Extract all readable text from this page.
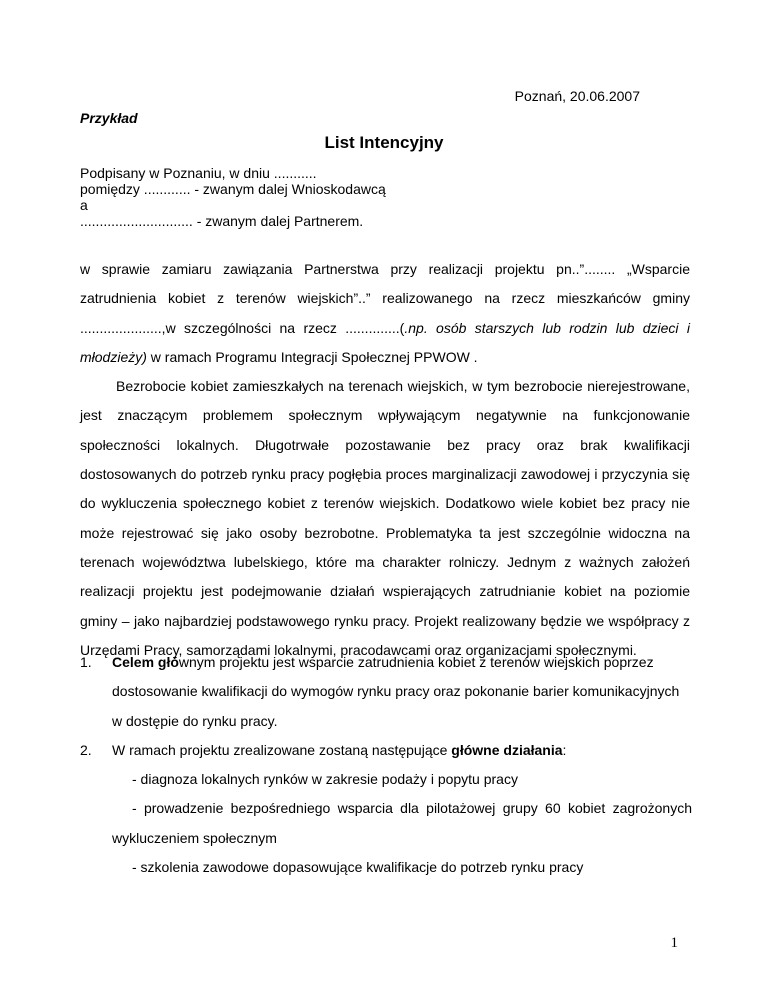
Poznań, 20.06.2007
Przykład
List Intencyjny
Podpisany w Poznaniu, w dniu ...........
pomiędzy ............ - zwanym dalej Wnioskodawcą
a
............................. - zwanym dalej Partnerem.

w sprawie zamiaru zawiązania Partnerstwa przy realizacji projektu pn..”........ „Wsparcie zatrudnienia kobiet z terenów wiejskich”..” realizowanego na rzecz mieszkańców gminy .....................,w szczególności na rzecz ..............(.np. osób starszych lub rodzin lub dzieci i młodzieży) w ramach Programu Integracji Społecznej PPWOW .

Bezrobocie kobiet zamieszkałych na terenach wiejskich, w tym bezrobocie nierejestrowane, jest znaczącym problemem społecznym wpływającym negatywnie na funkcjonowanie społeczności lokalnych. Długotrwałe pozostawanie bez pracy oraz brak kwalifikacji dostosowanych do potrzeb rynku pracy pogłębia proces marginalizacji zawodowej i przyczynia się do wykluczenia społecznego kobiet z terenów wiejskich. Dodatkowo wiele kobiet bez pracy nie może rejestrować się jako osoby bezrobotne. Problematyka ta jest szczególnie widoczna na terenach województwa lubelskiego, które ma charakter rolniczy. Jednym z ważnych założeń realizacji projektu jest podejmowanie działań wspierających zatrudnianie kobiet na poziomie gminy – jako najbardziej podstawowego rynku pracy. Projekt realizowany będzie we współpracy z Urzędami Pracy, samorządami lokalnymi, pracodawcami oraz organizacjami społecznymi.

1. Celem głównym projektu jest wsparcie zatrudnienia kobiet z terenów wiejskich poprzez dostosowanie kwalifikacji do wymogów rynku pracy oraz pokonanie barier komunikacyjnych w dostępie do rynku pracy.
2. W ramach projektu zrealizowane zostaną następujące główne działania:
- diagnoza lokalnych rynków w zakresie podaży i popytu pracy
- prowadzenie bezpośredniego wsparcia dla pilotażowej grupy 60 kobiet zagrożonych wykluczeniem społecznym
- szkolenia zawodowe dopasowujące kwalifikacje do potrzeb rynku pracy
1
